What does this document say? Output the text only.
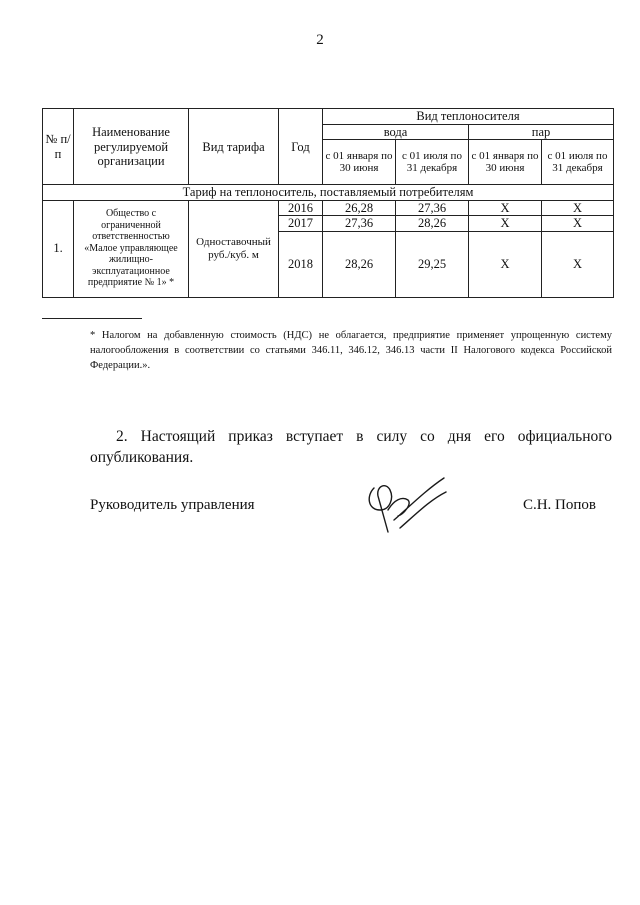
2
№ п/п	Наименование регулируемой организации	Вид тарифа	Год	Вид теплоносителя			
				вода		пар	
				с 01 января по 30 июня	с 01 июля по 31 декабря	с 01 января по 30 июня	с 01 июля по 31 декабря
Тариф на теплоноситель, поставляемый потребителям							
1.	Общество с ограниченной ответственностью «Малое управляющее жилищно-эксплуатационное предприятие № 1» *	Одноставочный руб./куб. м	2016	26,28	27,36	X	X
			2017	27,36	28,26	X	X
			2018	28,26	29,25	X	X
* Налогом на добавленную стоимость (НДС) не облагается, предприятие применяет упрощенную систему налогообложения в соответствии со статьями 346.11, 346.12, 346.13 части II Налогового кодекса Российской Федерации.».
2. Настоящий приказ вступает в силу со дня его официального опубликования.
Руководитель управления	С.Н. Попов
